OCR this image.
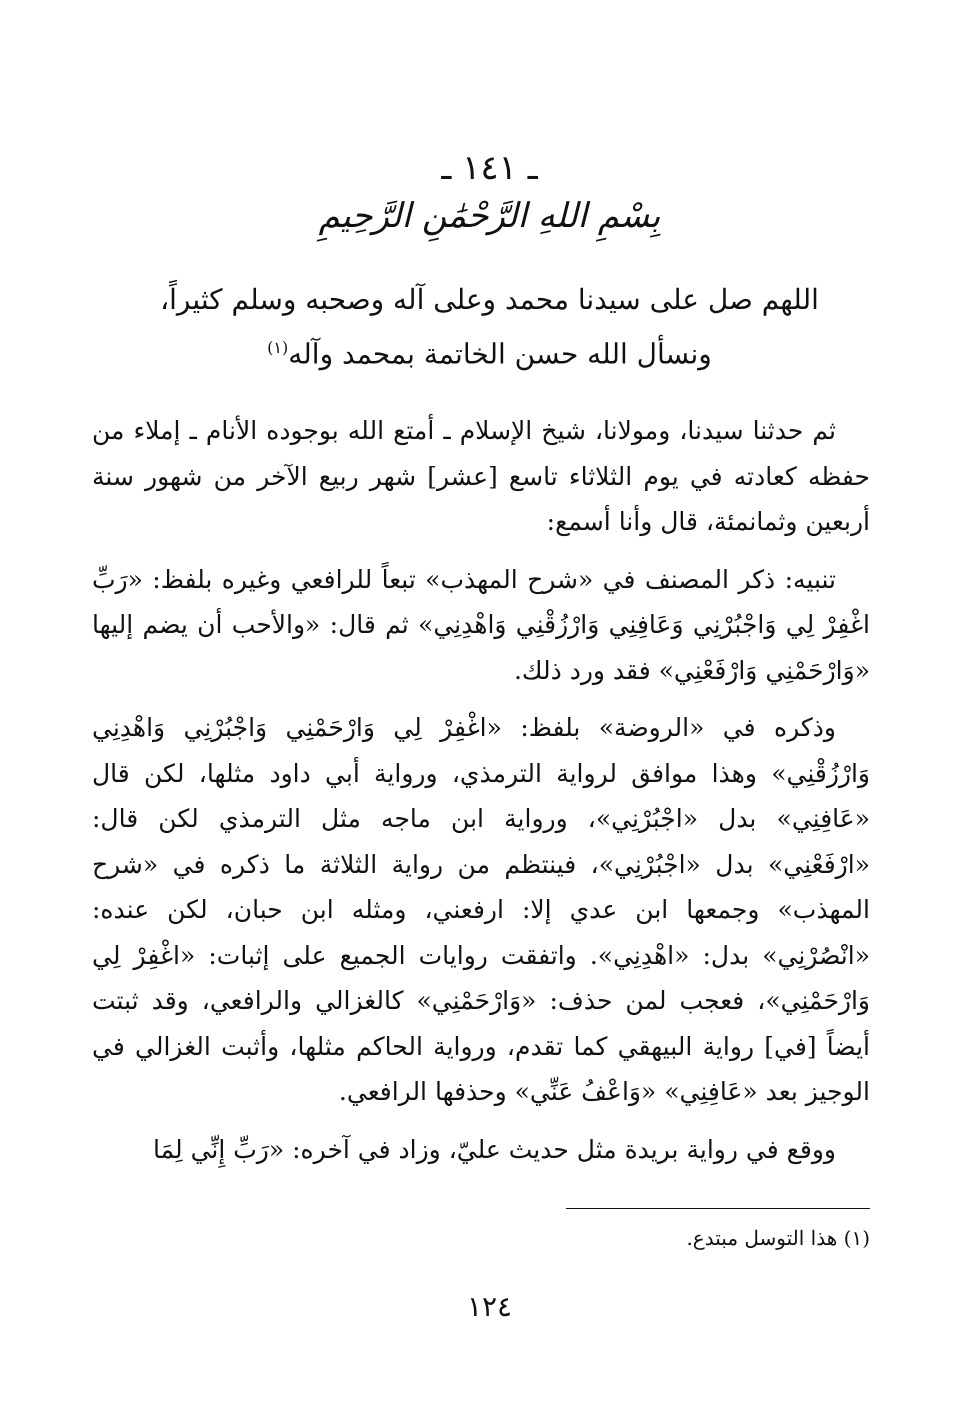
ـ ١٤١ ـ
بِسْمِ اللهِ الرَّحْمَٰنِ الرَّحِيمِ
اللهم صل على سيدنا محمد وعلى آله وصحبه وسلم كثيراً،
ونسأل الله حسن الخاتمة بمحمد وآله$^{(١)}$

ثم حدثنا سيدنا، ومولانا، شيخ الإسلام ـ أمتع الله بوجوده الأنام ـ إملاء من حفظه كعادته في يوم الثلاثاء تاسع [عشر] شهر ربيع الآخر من شهور سنة أربعين وثمانمئة، قال وأنا أسمع:

تنبيه: ذكر المصنف في «شرح المهذب» تبعاً للرافعي وغيره بلفظ: «رَبِّ اغْفِرْ لِي وَاجْبُرْنِي وَعَافِنِي وَارْزُقْنِي وَاهْدِنِي» ثم قال: «والأحب أن يضم إليها «وَارْحَمْنِي وَارْفَعْنِي» فقد ورد ذلك.

وذكره في «الروضة» بلفظ: «اغْفِرْ لِي وَارْحَمْنِي وَاجْبُرْنِي وَاهْدِنِي وَارْزُقْنِي» وهذا موافق لرواية الترمذي، ورواية أبي داود مثلها، لكن قال «عَافِنِي» بدل «اجْبُرْنِي»، ورواية ابن ماجه مثل الترمذي لكن قال: «ارْفَعْنِي» بدل «اجْبُرْنِي»، فينتظم من رواية الثلاثة ما ذكره في «شرح المهذب» وجمعها ابن عدي إلا: ارفعني، ومثله ابن حبان، لكن عنده: «انْصُرْنِي» بدل: «اهْدِنِي». واتفقت روايات الجميع على إثبات: «اغْفِرْ لِي وَارْحَمْنِي»، فعجب لمن حذف: «وَارْحَمْنِي» كالغزالي والرافعي، وقد ثبتت أيضاً [في] رواية البيهقي كما تقدم، ورواية الحاكم مثلها، وأثبت الغزالي في الوجيز بعد «عَافِنِي» «وَاعْفُ عَنِّي» وحذفها الرافعي.

ووقع في رواية بريدة مثل حديث عليّ، وزاد في آخره: «رَبِّ إِنِّي لِمَا

(١) هذا التوسل مبتدع.
١٢٤
